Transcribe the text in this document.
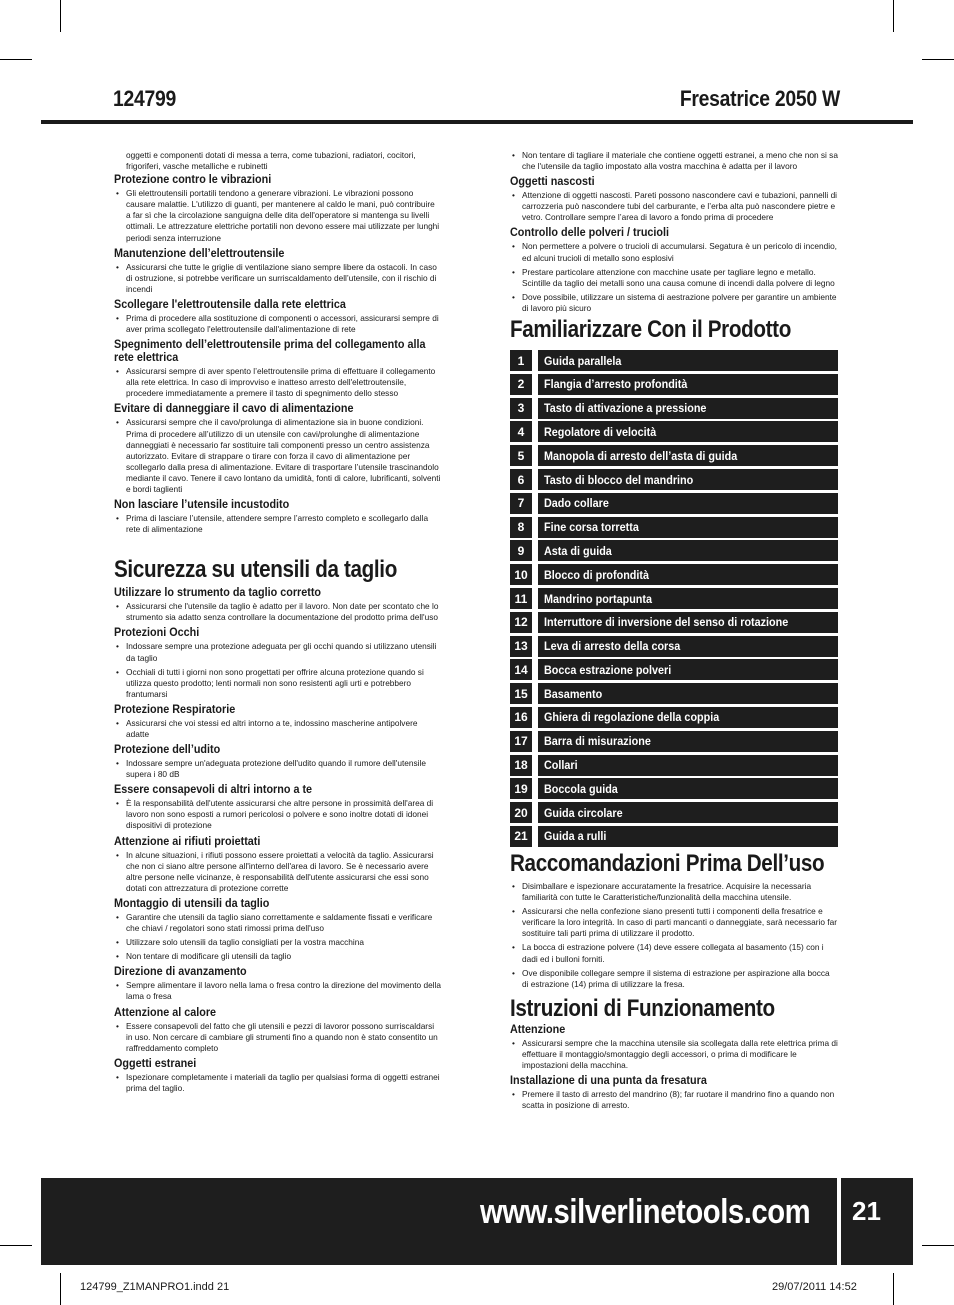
124799	Fresatrice 2050 W
oggetti e componenti dotati di messa a terra, come tubazioni, radiatori, cocitori, frigoriferi, vasche metalliche e rubinetti
Protezione contro le vibrazioni
• Gli elettroutensili portatili tendono a generare vibrazioni. Le vibrazioni possono causare malattie. L'utilizzo di guanti, per mantenere al caldo le mani, può contribuire a far sì che la circolazione sanguigna delle dita dell'operatore si mantenga su livelli ottimali. Le attrezzature elettriche portatili non devono essere mai utilizzate per lunghi periodi senza interruzione
Manutenzione dell’elettroutensile
• Assicurarsi che tutte le griglie di ventilazione siano sempre libere da ostacoli. In caso di ostruzione, si potrebbe verificare un surriscaldamento dell’utensile, con il rischio di incendi
Scollegare l'elettroutensile dalla rete elettrica
• Prima di procedere alla sostituzione di componenti o accessori, assicurarsi sempre di aver prima scollegato l'elettroutensile dall'alimentazione di rete
Spegnimento dell’elettroutensile prima del collegamento alla rete elettrica
• Assicurarsi sempre di aver spento l’elettroutensile prima di effettuare il collegamento alla rete elettrica. In caso di improvviso e inatteso arresto dell'elettroutensile, procedere immediatamente a premere il tasto di spegnimento dello stesso
Evitare di danneggiare il cavo di alimentazione
• Assicurarsi sempre che il cavo/prolunga di alimentazione sia in buone condizioni. Prima di procedere all’utilizzo di un utensile con cavi/prolunghe di alimentazione danneggiati è necessario far sostituire tali componenti presso un centro assistenza autorizzato. Evitare di strappare o tirare con forza il cavo di alimentazione per scollegarlo dalla presa di alimentazione. Evitare di trasportare l’utensile trascinandolo mediante il cavo. Tenere il cavo lontano da umidità, fonti di calore, lubrificanti, solventi e bordi taglienti
Non lasciare l’utensile incustodito
• Prima di lasciare l’utensile, attendere sempre l’arresto completo e scollegarlo dalla rete di alimentazione
Sicurezza su utensili da taglio
Utilizzare lo strumento da taglio corretto
• Assicurarsi che l'utensile da taglio è adatto per il lavoro. Non date per scontato che lo strumento sia adatto senza controllare la documentazione del prodotto prima dell'uso
Protezioni Occhi
• Indossare sempre una protezione adeguata per gli occhi quando si utilizzano utensili da taglio
• Occhiali di tutti i giorni non sono progettati per offrire alcuna protezione quando si utilizza questo prodotto; lenti normali non sono resistenti agli urti e potrebbero frantumarsi
Protezione Respiratorie
• Assicurarsi che voi stessi ed altri intorno a te, indossino mascherine antipolvere adatte
Protezione dell’udito
• Indossare sempre un'adeguata protezione dell'udito quando il rumore dell'utensile supera i 80 dB
Essere consapevoli di altri intorno a te
• È la responsabilità dell'utente assicurarsi che altre persone in prossimità dell'area di lavoro non sono esposti a rumori pericolosi o polvere e sono inoltre dotati di idonei dispositivi di protezione
Attenzione ai rifiuti proiettati
• In alcune situazioni, i rifiuti possono essere proiettati a velocità da taglio. Assicurarsi che non ci siano altre persone all'interno dell'area di lavoro. Se è necessario avere altre persone nelle vicinanze, è responsabilità dell'utente assicurarsi che essi sono dotati con attrezzatura di protezione corrette
Montaggio di utensili da taglio
• Garantire che utensili da taglio siano correttamente e saldamente fissati e verificare che chiavi / regolatori sono stati rimossi prima dell'uso
• Utilizzare solo utensili da taglio consigliati per la vostra macchina
• Non tentare di modificare gli utensili da taglio
Direzione di avanzamento
• Sempre alimentare il lavoro nella lama o fresa contro la direzione del movimento della lama o fresa
Attenzione al calore
• Essere consapevoli del fatto che gli utensili e pezzi di lavoror possono surriscaldarsi in uso. Non cercare di cambiare gli strumenti fino a quando non è stato consentito un raffreddamento completo
Oggetti estranei
• Ispezionare completamente i materiali da taglio per qualsiasi forma di oggetti estranei prima del taglio.
• Non tentare di tagliare il materiale che contiene oggetti estranei, a meno che non si sa che l'utensile da taglio impostato alla vostra macchina è adatta per il lavoro
Oggetti nascosti
• Attenzione di oggetti nascosti. Pareti possono nascondere cavi e tubazioni, pannelli di carrozzeria può nascondere tubi del carburante, e l’erba alta può nascondere pietre e vetro. Controllare sempre l’area di lavoro a fondo prima di procedere
Controllo delle polveri / trucioli
• Non permettere a polvere o trucioli di accumularsi. Segatura è un pericolo di incendio, ed alcuni trucioli di metallo sono esplosivi
• Prestare particolare attenzione con macchine usate per tagliare legno e metallo. Scintille da taglio dei metalli sono una causa comune di incendi dalla polvere di legno
• Dove possibile, utilizzare un sistema di aestrazione polvere per garantire un ambiente di lavoro più sicuro
Familiarizzare Con il Prodotto
1	Guida parallela
2	Flangia d’arresto profondità
3	Tasto di attivazione a pressione
4	Regolatore di velocità
5	Manopola di arresto dell’asta di guida
6	Tasto di blocco del mandrino
7	Dado collare
8	Fine corsa torretta
9	Asta di guida
10	Blocco di profondità
11	Mandrino portapunta
12	Interruttore di inversione del senso di rotazione
13	Leva di arresto della corsa
14	Bocca estrazione polveri
15	Basamento
16	Ghiera di regolazione della coppia
17	Barra di misurazione
18	Collari
19	Boccola guida
20	Guida circolare
21	Guida a rulli
Raccomandazioni Prima Dell’uso
• Disimballare e ispezionare accuratamente la fresatrice. Acquisire la necessaria familiarità con tutte le Caratteristiche/funzionalità della macchina utensile.
• Assicurarsi che nella confezione siano presenti tutti i componenti della fresatrice e verificare la loro integrità. In caso di parti mancanti o danneggiate, sarà necessario far sostituire tali parti prima di utilizzare il prodotto.
• La bocca di estrazione polvere (14) deve essere collegata al basamento (15) con i dadi ed i bulloni forniti.
• Ove disponibile collegare sempre il sistema di estrazione per aspirazione alla bocca di estrazione (14) prima di utilizzare la fresa.
Istruzioni di Funzionamento
Attenzione
• Assicurarsi sempre che la macchina utensile sia scollegata dalla rete elettrica prima di effettuare il montaggio/smontaggio degli accessori, o prima di modificare le impostazioni della macchina.
Installazione di una punta da fresatura
• Premere il tasto di arresto del mandrino (8); far ruotare il mandrino fino a quando non scatta in posizione di arresto.
www.silverlinetools.com 21
124799_Z1MANPRO1.indd 21	29/07/2011 14:52
